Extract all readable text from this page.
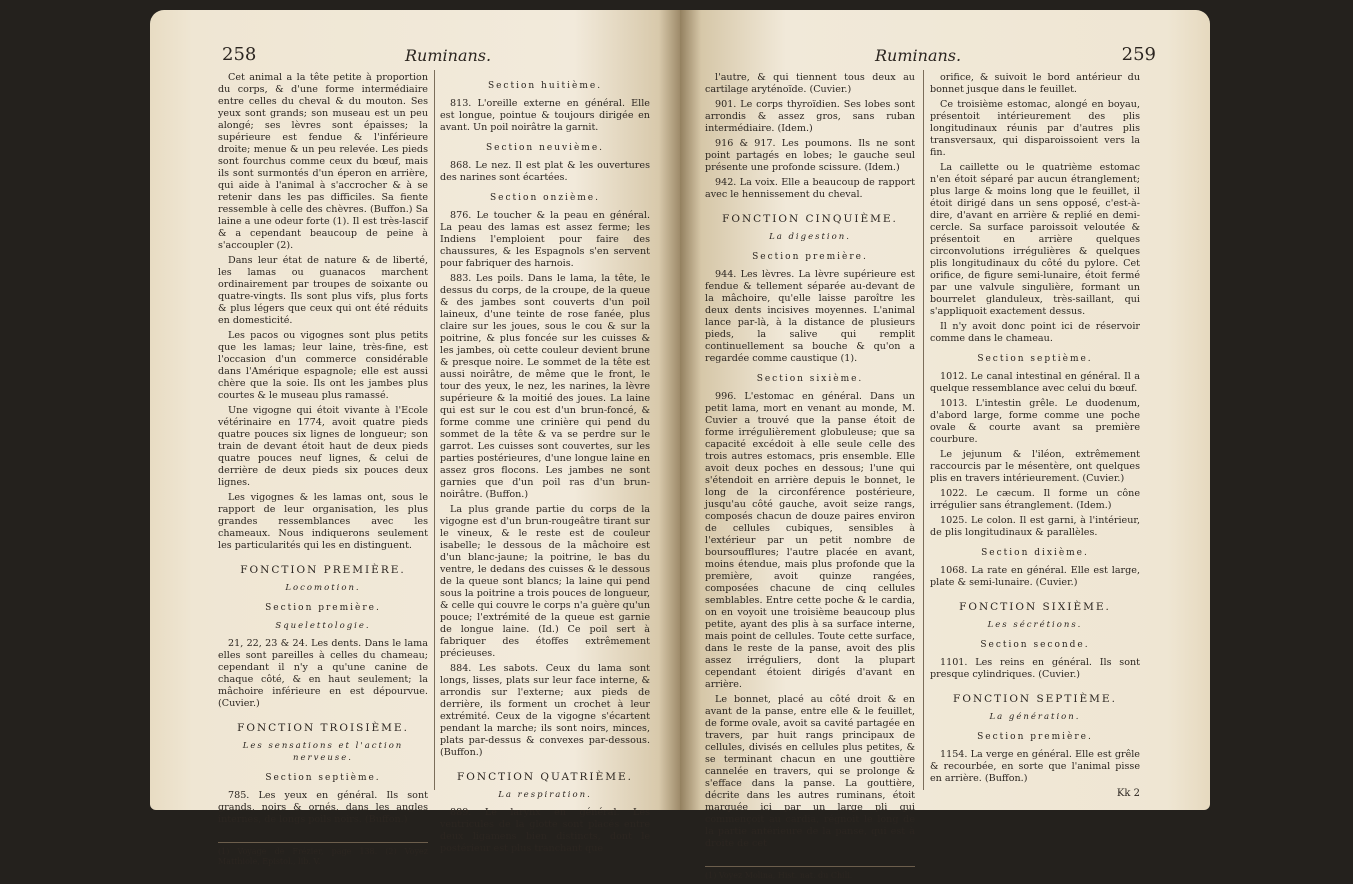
258	Ruminans.

Cet animal a la tête petite à proportion du corps, & d'une forme intermédiaire entre celles du cheval & du mouton. Ses yeux sont grands; son museau est un peu alongé; ses lèvres sont épaisses; la supérieure est fendue & l'inférieure droite; menue & un peu relevée. Les pieds sont fourchus comme ceux du bœuf, mais ils sont surmontés d'un éperon en arrière, qui aide à l'animal à s'accrocher & à se retenir dans les pas difficiles. Sa fiente ressemble à celle des chèvres. (Buffon.) Sa laine a une odeur forte (1). Il est très-lascif & a cependant beaucoup de peine à s'accoupler (2).

Dans leur état de nature & de liberté, les lamas ou guanacos marchent ordinairement par troupes de soixante ou quatre-vingts. Ils sont plus vifs, plus forts & plus légers que ceux qui ont été réduits en domesticité.

Les pacos ou vigognes sont plus petits que les lamas; leur laine, très-fine, est l'occasion d'un commerce considérable dans l'Amérique espagnole; elle est aussi chère que la soie. Ils ont les jambes plus courtes & le museau plus ramassé.

Une vigogne qui étoit vivante à l'Ecole vétérinaire en 1774, avoit quatre pieds quatre pouces six lignes de longueur; son train de devant étoit haut de deux pieds quatre pouces neuf lignes, & celui de derrière de deux pieds six pouces deux lignes.

Les vigognes & les lamas ont, sous le rapport de leur organisation, les plus grandes ressemblances avec les chameaux. Nous indiquerons seulement les particularités qui les en distinguent.

FONCTION PREMIÈRE.

Locomotion.

Section première.

Squelettologie.

21, 22, 23 & 24. Les dents. Dans le lama elles sont pareilles à celles du chameau; cependant il n'y a qu'une canine de chaque côté, & en haut seulement; la mâchoire inférieure en est dépourvue. (Cuvier.)

FONCTION TROISIÈME.

Les sensations et l'action nerveuse.

Section septième.

785. Les yeux en général. Ils sont grands, noirs & ornés, dans les angles internes, de longs poils noirs. (Buffon.)

(1) Voyage de Frézier, page 138. (2) Voyez Matthiole, Epistol., lib. V.

Section huitième.

813. L'oreille externe en général. Elle est longue, pointue & toujours dirigée en avant. Un poil noirâtre la garnit.

Section neuvième.

868. Le nez. Il est plat & les ouvertures des narines sont écartées.

Section onzième.

876. Le toucher & la peau en général. La peau des lamas est assez ferme; les Indiens l'emploient pour faire des chaussures, & les Espagnols s'en servent pour fabriquer des harnois.

883. Les poils. Dans le lama, la tête, le dessus du corps, de la croupe, de la queue & des jambes sont couverts d'un poil laineux, d'une teinte de rose fanée, plus claire sur les joues, sous le cou & sur la poitrine, & plus foncée sur les cuisses & les jambes, où cette couleur devient brune & presque noire. Le sommet de la tête est aussi noirâtre, de même que le front, le tour des yeux, le nez, les narines, la lèvre supérieure & la moitié des joues. La laine qui est sur le cou est d'un brun-foncé, & forme comme une crinière qui pend du sommet de la tête & va se perdre sur le garrot. Les cuisses sont couvertes, sur les parties postérieures, d'une longue laine en assez gros flocons. Les jambes ne sont garnies que d'un poil ras d'un brun-noirâtre. (Buffon.)

La plus grande partie du corps de la vigogne est d'un brun-rougeâtre tirant sur le vineux, & le reste est de couleur isabelle; le dessous de la mâchoire est d'un blanc-jaune; la poitrine, le bas du ventre, le dedans des cuisses & le dessous de la queue sont blancs; la laine qui pend sous la poitrine a trois pouces de longueur, & celle qui couvre le corps n'a guère qu'un pouce; l'extrémité de la queue est garnie de longue laine. (Id.) Ce poil sert à fabriquer des étoffes extrêmement précieuses.

884. Les sabots. Ceux du lama sont longs, lisses, plats sur leur face interne, & arrondis sur l'externe; aux pieds de derrière, ils forment un crochet à leur extrémité. Ceux de la vigogne s'écartent pendant la marche; ils sont noirs, minces, plats par-dessus & convexes par-dessous. (Buffon.)

FONCTION QUATRIÈME.

La respiration.

889. Le larynx en général. Les ventricules de la glotte sont placés entre deux ligamens bien distincts, dont le postérieur est plus tranchant que

Ruminans.	259

l'autre, & qui tiennent tous deux au cartilage aryténoïde. (Cuvier.)

901. Le corps thyroïdien. Ses lobes sont arrondis & assez gros, sans ruban intermédiaire. (Idem.)

916 & 917. Les poumons. Ils ne sont point partagés en lobes; le gauche seul présente une profonde scissure. (Idem.)

942. La voix. Elle a beaucoup de rapport avec le hennissement du cheval.

FONCTION CINQUIÈME.

La digestion.

Section première.

944. Les lèvres. La lèvre supérieure est fendue & tellement séparée au-devant de la mâchoire, qu'elle laisse paroître les deux dents incisives moyennes. L'animal lance par-là, à la distance de plusieurs pieds, la salive qui remplit continuellement sa bouche & qu'on a regardée comme caustique (1).

Section sixième.

996. L'estomac en général. Dans un petit lama, mort en venant au monde, M. Cuvier a trouvé que la panse étoit de forme irrégulièrement globuleuse; que sa capacité excédoit à elle seule celle des trois autres estomacs, pris ensemble. Elle avoit deux poches en dessous; l'une qui s'étendoit en arrière depuis le bonnet, le long de la circonférence postérieure, jusqu'au côté gauche, avoit seize rangs, composés chacun de douze paires environ de cellules cubiques, sensibles à l'extérieur par un petit nombre de boursoufflures; l'autre placée en avant, moins étendue, mais plus profonde que la première, avoit quinze rangées, composées chacune de cinq cellules semblables. Entre cette poche & le cardia, on en voyoit une troisième beaucoup plus petite, ayant des plis à sa surface interne, mais point de cellules. Toute cette surface, dans le reste de la panse, avoit des plis assez irréguliers, dont la plupart cependant étoient dirigés d'avant en arrière.

Le bonnet, placé au côté droit & en avant de la panse, entre elle & le feuillet, de forme ovale, avoit sa cavité partagée en travers, par huit rangs principaux de cellules, divisés en cellules plus petites, & se terminant chacun en une gouttière cannelée en travers, qui se prolonge & s'efface dans la panse. La gouttière, décrite dans les autres ruminans, étoit marquée ici par un large pli qui commençoit au cardia, régnoit le long de la partie antérieure de la panse, qui est à droite de cet

(1) Voyez Molina, Hist. nat. du Chili.

orifice, & suivoit le bord antérieur du bonnet jusque dans le feuillet.

Ce troisième estomac, alongé en boyau, présentoit intérieurement des plis longitudinaux réunis par d'autres plis transversaux, qui disparoissoient vers la fin.

La caillette ou le quatrième estomac n'en étoit séparé par aucun étranglement; plus large & moins long que le feuillet, il étoit dirigé dans un sens opposé, c'est-à-dire, d'avant en arrière & replié en demi-cercle. Sa surface paroissoit veloutée & présentoit en arrière quelques circonvolutions irrégulières & quelques plis longitudinaux du côté du pylore. Cet orifice, de figure semi-lunaire, étoit fermé par une valvule singulière, formant un bourrelet glanduleux, très-saillant, qui s'appliquoit exactement dessus.

Il n'y avoit donc point ici de réservoir comme dans le chameau.

Section septième.

1012. Le canal intestinal en général. Il a quelque ressemblance avec celui du bœuf.

1013. L'intestin grêle. Le duodenum, d'abord large, forme comme une poche ovale & courte avant sa première courbure.

Le jejunum & l'iléon, extrêmement raccourcis par le mésentère, ont quelques plis en travers intérieurement. (Cuvier.)

1022. Le cæcum. Il forme un cône irrégulier sans étranglement. (Idem.)

1025. Le colon. Il est garni, à l'intérieur, de plis longitudinaux & parallèles.

Section dixième.

1068. La rate en général. Elle est large, plate & semi-lunaire. (Cuvier.)

FONCTION SIXIÈME.

Les sécrétions.

Section seconde.

1101. Les reins en général. Ils sont presque cylindriques. (Cuvier.)

FONCTION SEPTIÈME.

La génération.

Section première.

1154. La verge en général. Elle est grêle & recourbée, en sorte que l'animal pisse en arrière. (Buffon.)

Kk 2
